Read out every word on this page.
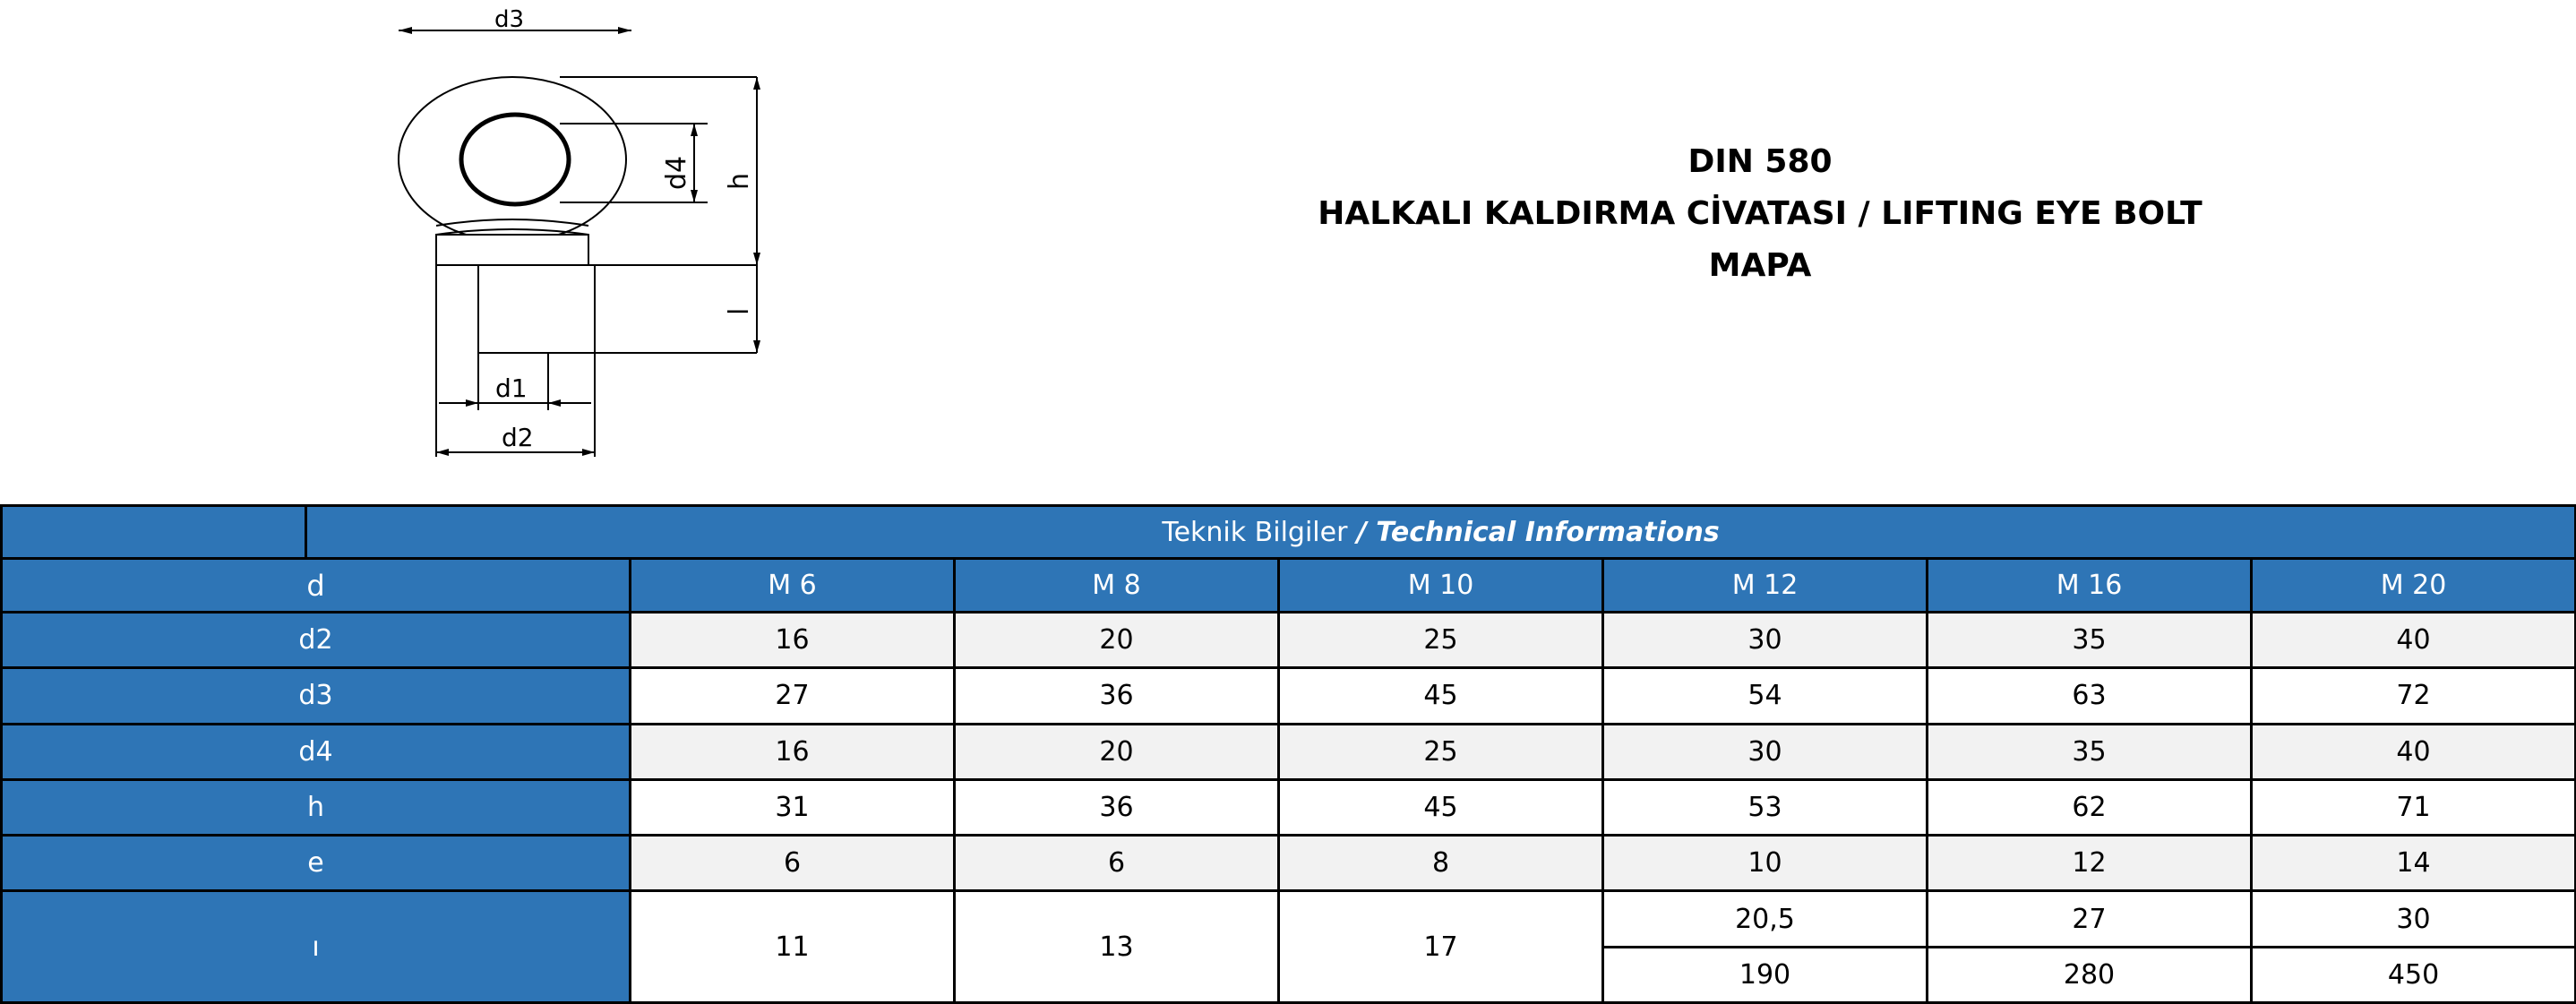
d3
d4 h
l
d1
d2
DIN 580
HALKALI KALDIRMA CİVATASI / LIFTING EYE BOLT
MAPA
	Teknik Bilgiler / Technical Informations						
d		M 6	M 8	M 10	M 12	M 16	M 20
d2		16	20	25	30	35	40
d3		27	36	45	54	63	72
d4		16	20	25	30	35	40
h		31	36	45	53	62	71
e		6	6	8	10	12	14
ı		11	13	17	20,5	27	30
					190	280	450
